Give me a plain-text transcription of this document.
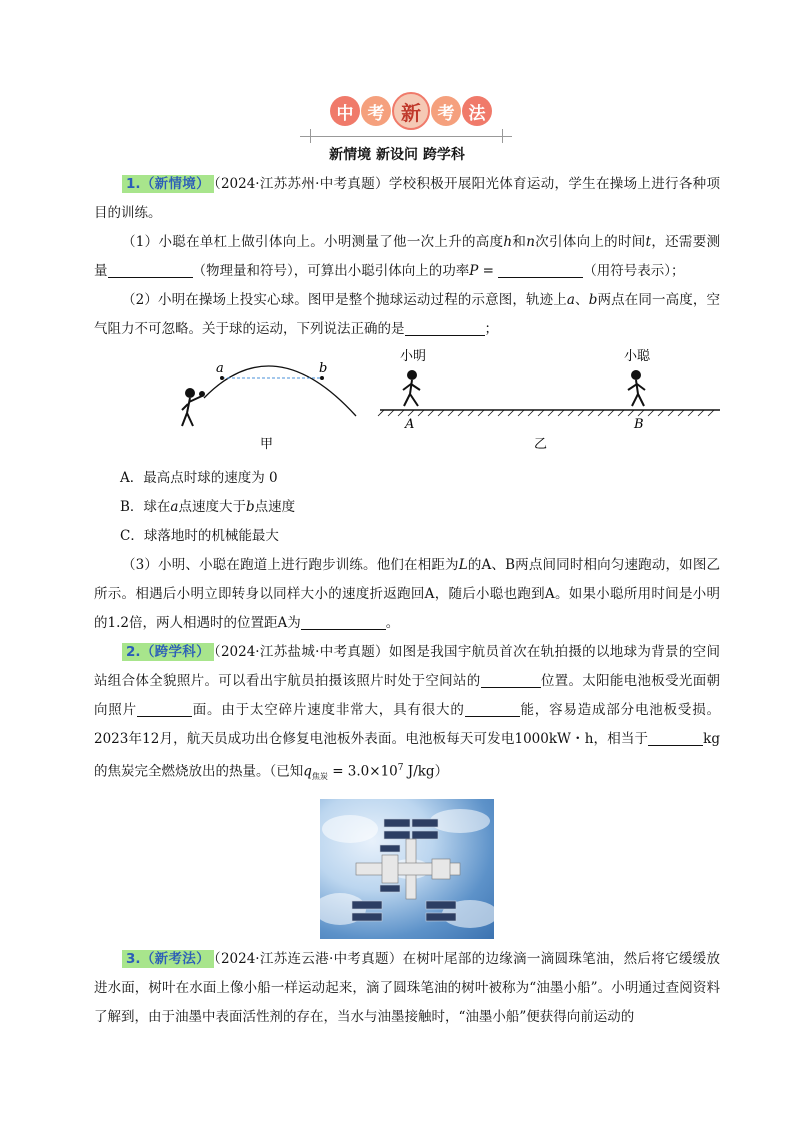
中 考 新 考 法
新情境 新设问 跨学科
1.（新情境） （2024·江苏苏州·中考真题）学校积极开展阳光体育运动，学生在操场上进行各种项目的训练。
（1）小聪在单杠上做引体向上。小明测量了他一次上升的高度h和n次引体向上的时间t，还需要测量	（物理量和符号），可算出小聪引体向上的功率P =	（用符号表示）；
（2）小明在操场上投实心球。图甲是整个抛球运动过程的示意图，轨迹上a、b两点在同一高度，空气阻力不可忽略。关于球的运动，下列说法正确的是	；
a	b
甲
小明	小聪
A	B
乙
A．最高点时球的速度为 0
B．球在a点速度大于b点速度
C．球落地时的机械能最大
（3）小明、小聪在跑道上进行跑步训练。他们在相距为L的A、B两点间同时相向匀速跑动，如图乙所示。相遇后小明立即转身以同样大小的速度折返跑回A，随后小聪也跑到A。如果小聪所用时间是小明的1.2倍，两人相遇时的位置距A为	。
2.（跨学科） （2024·江苏盐城·中考真题）如图是我国宇航员首次在轨拍摄的以地球为背景的空间站组合体全貌照片。可以看出宇航员拍摄该照片时处于空间站的	位置。太阳能电池板受光面朝向照片	面。由于太空碎片速度非常大，具有很大的	能，容易造成部分电池板受损。2023年12月，航天员成功出仓修复电池板外表面。电池板每天可发电1000kW・h，相当于	kg的焦炭完全燃烧放出的热量。（已知$q_{焦炭} = 3.0\times 10^7$ J/kg）
3.（新考法） （2024·江苏连云港·中考真题）在树叶尾部的边缘滴一滴圆珠笔油，然后将它缓缓放进水面，树叶在水面上像小船一样运动起来，滴了圆珠笔油的树叶被称为“油墨小船”。小明通过查阅资料了解到，由于油墨中表面活性剂的存在，当水与油墨接触时，“油墨小船”便获得向前运动的
